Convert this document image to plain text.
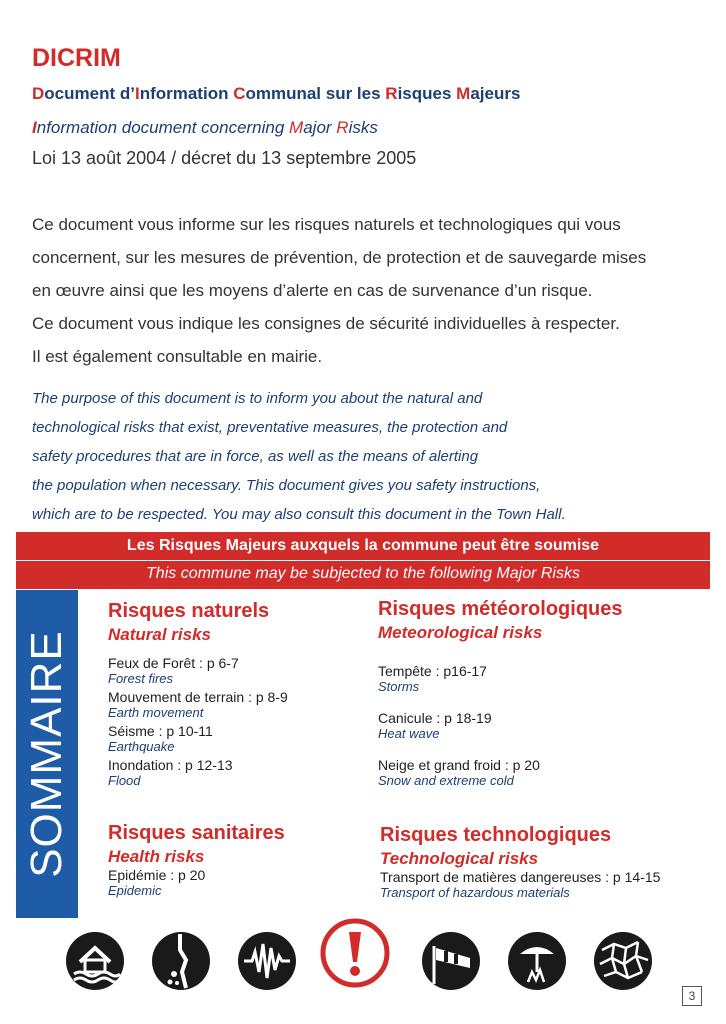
DICRIM
Document d’Information Communal sur les Risques Majeurs
Information document concerning Major Risks
Loi 13 août 2004 / décret du 13 septembre 2005
Ce document vous informe sur les risques naturels et technologiques qui vous
concernent, sur les mesures de prévention, de protection et de sauvegarde mises
en œuvre ainsi que les moyens d’alerte en cas de survenance d’un risque.
Ce document vous indique les consignes de sécurité individuelles à respecter.
Il est également consultable en mairie.
The purpose of this document is to inform you about the natural and
technological risks that exist, preventative measures, the protection and
safety procedures that are in force, as well as the means of alerting
the population when necessary. This document gives you safety instructions,
which are to be respected. You may also consult this document in the Town Hall.
Les Risques Majeurs auxquels la commune peut être soumise
This commune may be subjected to the following Major Risks
SOMMAIRE
Risques naturels
Natural risks
Feux de Forêt : p 6-7
Forest fires
Mouvement de terrain : p 8-9
Earth movement
Séisme : p 10-11
Earthquake
Inondation : p 12-13
Flood
Risques météorologiques
Meteorological risks
Tempête : p16-17
Storms
Canicule : p 18-19
Heat wave
Neige et grand froid : p 20
Snow and extreme cold
Risques sanitaires
Health risks
Epidémie : p 20
Epidemic
Risques technologiques
Technological risks
Transport de matières dangereuses : p 14-15
Transport of hazardous materials
3
